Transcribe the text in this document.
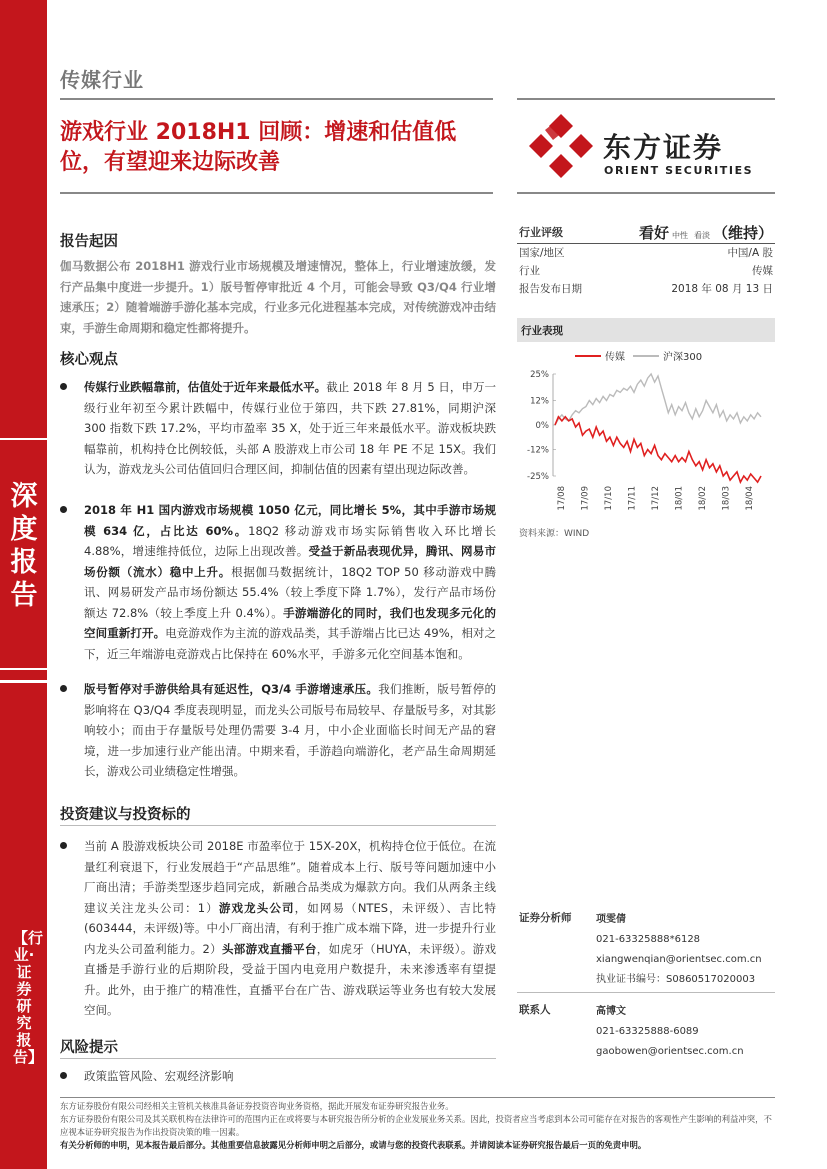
深度报告
【行业·证券研究报告】
传媒行业
游戏行业 2018H1 回顾：增速和估值低位，有望迎来边际改善	东方证券
ORIENT SECURITIES
报告起因
伽马数据公布 2018H1 游戏行业市场规模及增速情况，整体上，行业增速放缓，发行产品集中度进一步提升。1）版号暂停审批近 4 个月，可能会导致 Q3/Q4 行业增速承压；2）随着端游手游化基本完成，行业多元化进程基本完成，对传统游戏冲击结束，手游生命周期和稳定性都将提升。
核心观点
传媒行业跌幅靠前，估值处于近年来最低水平。截止 2018 年 8 月 5 日，申万一级行业年初至今累计跌幅中，传媒行业位于第四，共下跌 27.81%，同期沪深 300 指数下跌 17.2%，平均市盈率 35 X，处于近三年来最低水平。游戏板块跌幅靠前，机构持仓比例较低，头部 A 股游戏上市公司 18 年 PE 不足 15X。我们认为，游戏龙头公司估值回归合理区间，抑制估值的因素有望出现边际改善。
2018 年 H1 国内游戏市场规模 1050 亿元，同比增长 5%，其中手游市场规模 634 亿，占比达 60%。18Q2 移动游戏市场实际销售收入环比增长 4.88%，增速维持低位，边际上出现改善。受益于新品表现优异，腾讯、网易市场份额（流水）稳中上升。根据伽马数据统计，18Q2 TOP 50 移动游戏中腾讯、网易研发产品市场份额达 55.4%（较上季度下降 1.7%），发行产品市场份额达 72.8%（较上季度上升 0.4%）。手游端游化的同时，我们也发现多元化的空间重新打开。电竞游戏作为主流的游戏品类，其手游端占比已达 49%，相对之下，近三年端游电竞游戏占比保持在 60%水平，手游多元化空间基本饱和。
版号暂停对手游供给具有延迟性，Q3/4 手游增速承压。我们推断，版号暂停的影响将在 Q3/Q4 季度表现明显，而龙头公司版号布局较早、存量版号多，对其影响较小；而由于存量版号处理仍需要 3-4 月，中小企业面临长时间无产品的窘境，进一步加速行业产能出清。中期来看，手游趋向端游化，老产品生命周期延长，游戏公司业绩稳定性增强。
投资建议与投资标的
当前 A 股游戏板块公司 2018E 市盈率位于 15X-20X，机构持仓位于低位。在流量红利衰退下，行业发展趋于“产品思维”。随着成本上行、版号等问题加速中小厂商出清；手游类型逐步趋同完成，新融合品类成为爆款方向。我们从两条主线建议关注龙头公司：1）游戏龙头公司，如网易（NTES，未评级）、吉比特(603444，未评级)等。中小厂商出清，有利于推广成本端下降，进一步提升行业内龙头公司盈利能力。2）头部游戏直播平台，如虎牙（HUYA，未评级）。游戏直播是手游行业的后期阶段，受益于国内电竞用户数提升，未来渗透率有望提升。此外，由于推广的精准性，直播平台在广告、游戏联运等业务也有较大发展空间。
风险提示
政策监管风险、宏观经济影响
行业评级	看好 中性 看淡 （维持）
国家/地区	中国/A 股
行业	传媒
报告发布日期	2018 年 08 月 13 日
行业表现
传媒	沪深300
25%
12%
0%
-12%
-25%
17/08 17/09 17/10 17/11 17/12 18/01 18/02 18/03 18/04
资料来源：WIND
证券分析师 项雯倩
021-63325888*6128
xiangwenqian@orientsec.com.cn
执业证书编号：S0860517020003
联系人	高博文
021-63325888-6089
gaobowen@orientsec.com.cn
东方证券股份有限公司经相关主管机关核准具备证券投资咨询业务资格，据此开展发布证券研究报告业务。
东方证券股份有限公司及其关联机构在法律许可的范围内正在或将要与本研究报告所分析的企业发展业务关系。因此，投资者应当考虑到本公司可能存在对报告的客观性产生影响的利益冲突，不应视本证券研究报告为作出投资决策的唯一因素。
有关分析师的申明，见本报告最后部分。其他重要信息披露见分析师申明之后部分，或请与您的投资代表联系。并请阅读本证券研究报告最后一页的免责申明。
